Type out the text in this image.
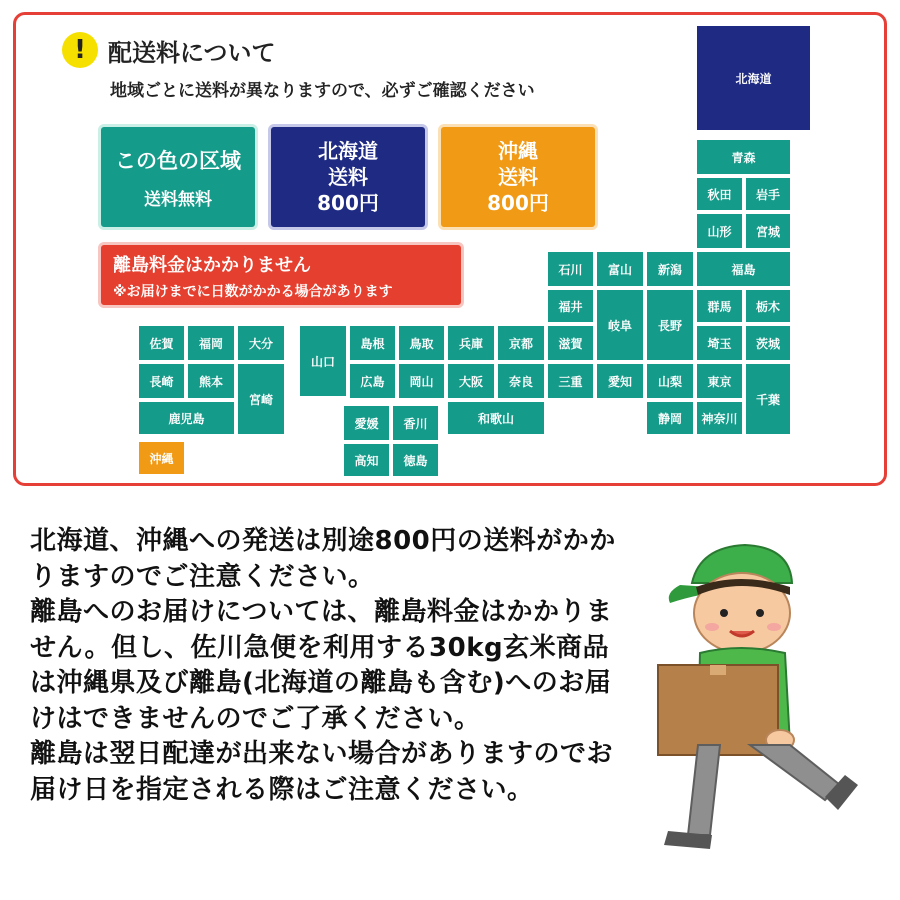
! 配送料について
地域ごとに送料が異なりますので、必ずご確認ください
この色の区域
送料無料
北海道
送料
800円
沖縄
送料
800円
離島料金はかかりません
※お届けまでに日数がかかる場合があります
北海道
青森
秋田	岩手
山形	宮城
福島
石川	富山	新潟
福井
岐阜	長野
群馬	栃木
滋賀	埼玉	茨城
三重	愛知	山梨	東京
千葉
静岡	神奈川
山口
島根	鳥取	兵庫	京都
広島	岡山	大阪	奈良
和歌山
愛媛	香川
高知	徳島
佐賀	福岡	大分
長崎	熊本
宮崎
鹿児島
沖縄

北海道、沖縄への発送は別途800円の送料がかかりますのでご注意ください。

離島へのお届けについては、離島料金はかかりません。但し、佐川急便を利用する30kg玄米商品は沖縄県及び離島(北海道の離島も含む)へのお届けはできませんのでご了承ください。

離島は翌日配達が出来ない場合がありますのでお届け日を指定される際はご注意ください。
